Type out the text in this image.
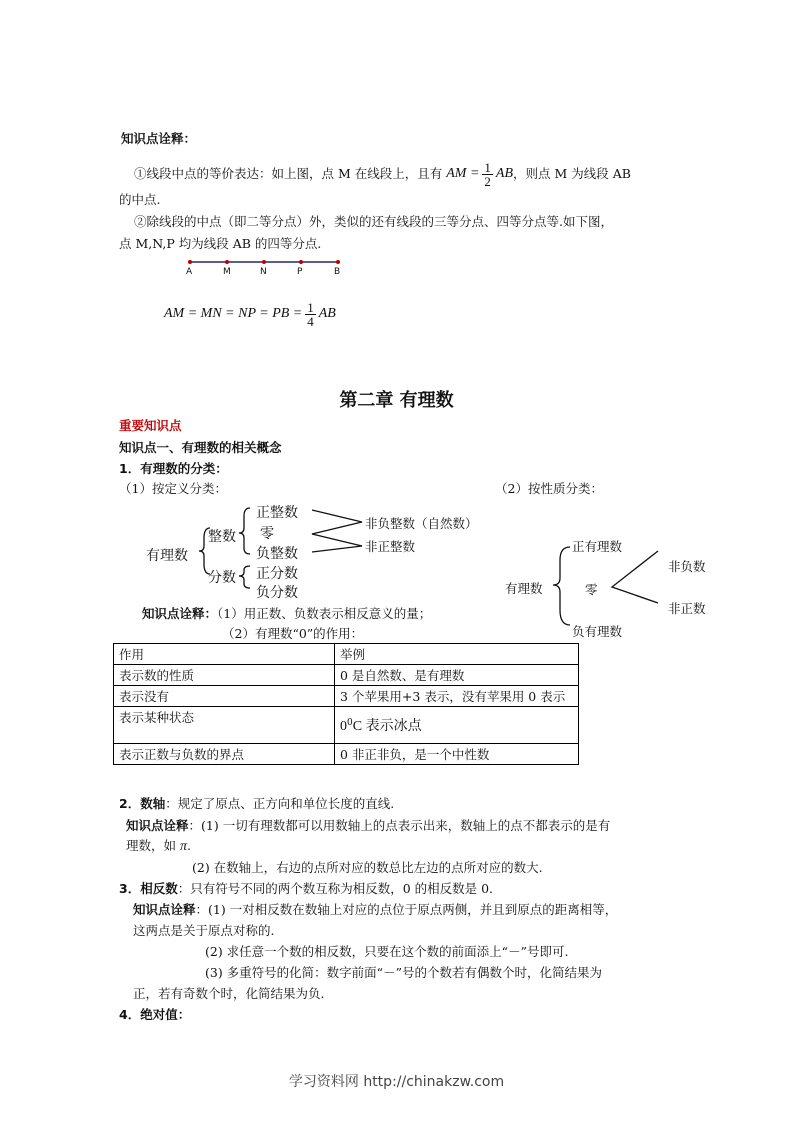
知识点诠释：
①线段中点的等价表达：如上图，点 M 在线段上，且有 AM = $\frac{1}{2}$ AB ，则点 M 为线段 AB
的中点.
②除线段的中点（即二等分点）外，类似的还有线段的三等分点、四等分点等.如下图，
点 M,N,P 均为线段 AB 的四等分点.
A	M	N	P	B
AM = MN = NP = PB = $\frac{1}{4}$ AB
第二章 有理数
重要知识点
知识点一、有理数的相关概念
1．有理数的分类：
（1）按定义分类：	（2）按性质分类：
有理数
整数
分数
正整数
零
负整数
正分数
负分数
非负整数（自然数）
非正整数
有理数
正有理数
零
负有理数
非负数
非正数
知识点诠释：（1）用正数、负数表示相反意义的量；
（2）有理数“0”的作用：
作用	举例
表示数的性质	0 是自然数、是有理数
表示没有	3 个苹果用+3 表示，没有苹果用 0 表示
表示某种状态	$0^0C$ 表示冰点
表示正数与负数的界点	0 非正非负，是一个中性数
2．数轴：规定了原点、正方向和单位长度的直线.
知识点诠释：(1) 一切有理数都可以用数轴上的点表示出来，数轴上的点不都表示的是有
理数，如 π.
(2) 在数轴上，右边的点所对应的数总比左边的点所对应的数大.
3．相反数：只有符号不同的两个数互称为相反数，0 的相反数是 0.
知识点诠释：(1) 一对相反数在数轴上对应的点位于原点两侧，并且到原点的距离相等，
这两点是关于原点对称的.
(2) 求任意一个数的相反数，只要在这个数的前面添上“－”号即可.
(3) 多重符号的化简：数字前面“－”号的个数若有偶数个时，化简结果为
正，若有奇数个时，化简结果为负.
4．绝对值：
学习资料网 http://chinakzw.com
